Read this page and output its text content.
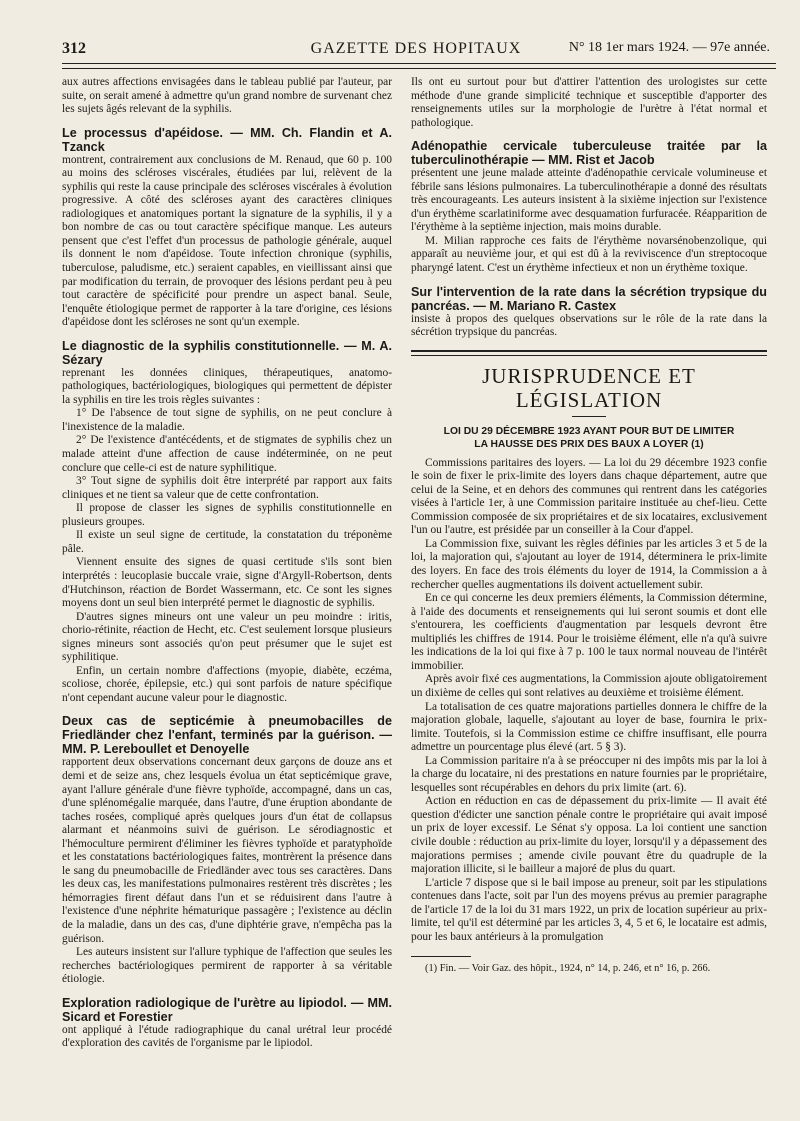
312	GAZETTE DES HOPITAUX	N° 18 1er mars 1924. — 97e année.

aux autres affections envisagées dans le tableau publié par l'auteur, par suite, on serait amené à admettre qu'un grand nombre de survenant chez les sujets âgés relevant de la syphilis.

Le processus d'apéidose. — MM. Ch. Flandin et A. Tzanck

montrent, contrairement aux conclusions de M. Renaud, que 60 p. 100 au moins des scléroses viscérales, étudiées par lui, relèvent de la syphilis qui reste la cause principale des scléroses viscérales à évolution progressive. A côté des scléroses ayant des caractères cliniques radiologiques et anatomiques portant la signature de la syphilis, il y a bon nombre de cas ou tout caractère spécifique manque. Les auteurs pensent que c'est l'effet d'un processus de pathologie générale, auquel ils donnent le nom d'apéidose. Toute infection chronique (syphilis, tuberculose, paludisme, etc.) seraient capables, en vieillissant ainsi que par modification du terrain, de provoquer des lésions perdant peu à peu tout caractère de spécificité pour prendre un aspect banal. Seule, l'enquête étiologique permet de rapporter à la tare d'origine, ces lésions d'apéidose dont les scléroses ne sont qu'un exemple.

Le diagnostic de la syphilis constitutionnelle. — M. A. Sézary

reprenant les données cliniques, thérapeutiques, anatomo-pathologiques, bactériologiques, biologiques qui permettent de dépister la syphilis en tire les trois règles suivantes :

1° De l'absence de tout signe de syphilis, on ne peut conclure à l'inexistence de la maladie.

2° De l'existence d'antécédents, et de stigmates de syphilis chez un malade atteint d'une affection de cause indéterminée, on ne peut conclure que celle-ci est de nature syphilitique.

3° Tout signe de syphilis doit être interprété par rapport aux faits cliniques et ne tient sa valeur que de cette confrontation.

Il propose de classer les signes de syphilis constitutionnelle en plusieurs groupes.

Il existe un seul signe de certitude, la constatation du tréponème pâle.

Viennent ensuite des signes de quasi certitude s'ils sont bien interprétés : leucoplasie buccale vraie, signe d'Argyll-Robertson, dents d'Hutchinson, réaction de Bordet Wassermann, etc. Ce sont les signes moyens dont un seul bien interprété permet le diagnostic de syphilis.

D'autres signes mineurs ont une valeur un peu moindre : iritis, chorio-rétinite, réaction de Hecht, etc. C'est seulement lorsque plusieurs signes mineurs sont associés qu'on peut présumer que le sujet est syphilitique.

Enfin, un certain nombre d'affections (myopie, diabète, eczéma, scoliose, chorée, épilepsie, etc.) qui sont parfois de nature spécifique n'ont cependant aucune valeur pour le diagnostic.

Deux cas de septicémie à pneumobacilles de Friedländer chez l'enfant, terminés par la guérison. — MM. P. Lereboullet et Denoyelle

rapportent deux observations concernant deux garçons de douze ans et demi et de seize ans, chez lesquels évolua un état septicémique grave, ayant l'allure générale d'une fièvre typhoïde, accompagné, dans un cas, d'une splénomégalie marquée, dans l'autre, d'une éruption abondante de taches rosées, compliqué après quelques jours d'un état de collapsus alarmant et néanmoins suivi de guérison. Le sérodiagnostic et l'hémoculture permirent d'éliminer les fièvres typhoïde et paratyphoïde et les constatations bactériologiques faites, montrèrent la présence dans le sang du pneumobacille de Friedländer avec tous ses caractères. Dans les deux cas, les manifestations pulmonaires restèrent très discrètes ; les hémorragies firent défaut dans l'un et se réduisirent dans l'autre à l'existence d'une néphrite hématurique passagère ; l'existence au déclin de la maladie, dans un des cas, d'une diphtérie grave, n'empêcha pas la guérison.

Les auteurs insistent sur l'allure typhique de l'affection que seules les recherches bactériologiques permirent de rapporter à sa véritable étiologie.

Exploration radiologique de l'urètre au lipiodol. — MM. Sicard et Forestier

ont appliqué à l'étude radiographique du canal urétral leur procédé d'exploration des cavités de l'organisme par le lipiodol.

Ils ont eu surtout pour but d'attirer l'attention des urologistes sur cette méthode d'une grande simplicité technique et susceptible d'apporter des renseignements utiles sur la morphologie de l'urètre à l'état normal et pathologique.

Adénopathie cervicale tuberculeuse traitée par la tuberculinothérapie — MM. Rist et Jacob

présentent une jeune malade atteinte d'adénopathie cervicale volumineuse et fébrile sans lésions pulmonaires. La tuberculinothérapie a donné des résultats très encourageants. Les auteurs insistent à la sixième injection sur l'existence d'un érythème scarlatiniforme avec desquamation furfuracée. Réapparition de l'érythème à la septième injection, mais moins durable.

M. Milian rapproche ces faits de l'érythème novarsénobenzolique, qui apparaît au neuvième jour, et qui est dû à la reviviscence d'un streptocoque pharyngé latent. C'est un érythème infectieux et non un érythème toxique.

Sur l'intervention de la rate dans la sécrétion trypsique du pancréas. — M. Mariano R. Castex

insiste à propos des quelques observations sur le rôle de la rate dans la sécrétion trypsique du pancréas.

JURISPRUDENCE ET LÉGISLATION
LOI DU 29 DÉCEMBRE 1923 AYANT POUR BUT DE LIMITER
LA HAUSSE DES PRIX DES BAUX A LOYER (1)

Commissions paritaires des loyers. — La loi du 29 décembre 1923 confie le soin de fixer le prix-limite des loyers dans chaque département, autre que celui de la Seine, et en dehors des communes qui rentrent dans les catégories visées à l'article 1er, à une Commission paritaire instituée au chef-lieu. Cette Commission composée de six propriétaires et de six locataires, exclusivement l'un ou l'autre, est présidée par un conseiller à la Cour d'appel.

La Commission fixe, suivant les règles définies par les articles 3 et 5 de la loi, la majoration qui, s'ajoutant au loyer de 1914, déterminera le prix-limite des loyers. En face des trois éléments du loyer de 1914, la Commission a à rechercher quelles augmentations ils doivent actuellement subir.

En ce qui concerne les deux premiers éléments, la Commission détermine, à l'aide des documents et renseignements qui lui seront soumis et dont elle s'entourera, les coefficients d'augmentation par lesquels devront être multipliés les chiffres de 1914. Pour le troisième élément, elle n'a qu'à suivre les indications de la loi qui fixe à 7 p. 100 le taux normal nouveau de l'intérêt immobilier.

Après avoir fixé ces augmentations, la Commission ajoute obligatoirement un dixième de celles qui sont relatives au deuxième et troisième élément.

La totalisation de ces quatre majorations partielles donnera le chiffre de la majoration globale, laquelle, s'ajoutant au loyer de base, fournira le prix-limite. Toutefois, si la Commission estime ce chiffre insuffisant, elle pourra admettre un pourcentage plus élevé (art. 5 § 3).

La Commission paritaire n'a à se préoccuper ni des impôts mis par la loi à la charge du locataire, ni des prestations en nature fournies par le propriétaire, lesquelles sont récupérables en dehors du prix limite (art. 6).

Action en réduction en cas de dépassement du prix-limite — Il avait été question d'édicter une sanction pénale contre le propriétaire qui avait imposé un prix de loyer excessif. Le Sénat s'y opposa. La loi contient une sanction civile double : réduction au prix-limite du loyer, lorsqu'il y a dépassement des majorations permises ; amende civile pouvant être du quadruple de la majoration illicite, si le bailleur a majoré de plus du quart.

L'article 7 dispose que si le bail impose au preneur, soit par les stipulations contenues dans l'acte, soit par l'un des moyens prévus au premier paragraphe de l'article 17 de la loi du 31 mars 1922, un prix de location supérieur au prix-limite, tel qu'il est déterminé par les articles 3, 4, 5 et 6, le locataire est admis, pour les baux antérieurs à la promulgation

(1) Fin. — Voir Gaz. des hôpit., 1924, n° 14, p. 246, et n° 16, p. 266.
